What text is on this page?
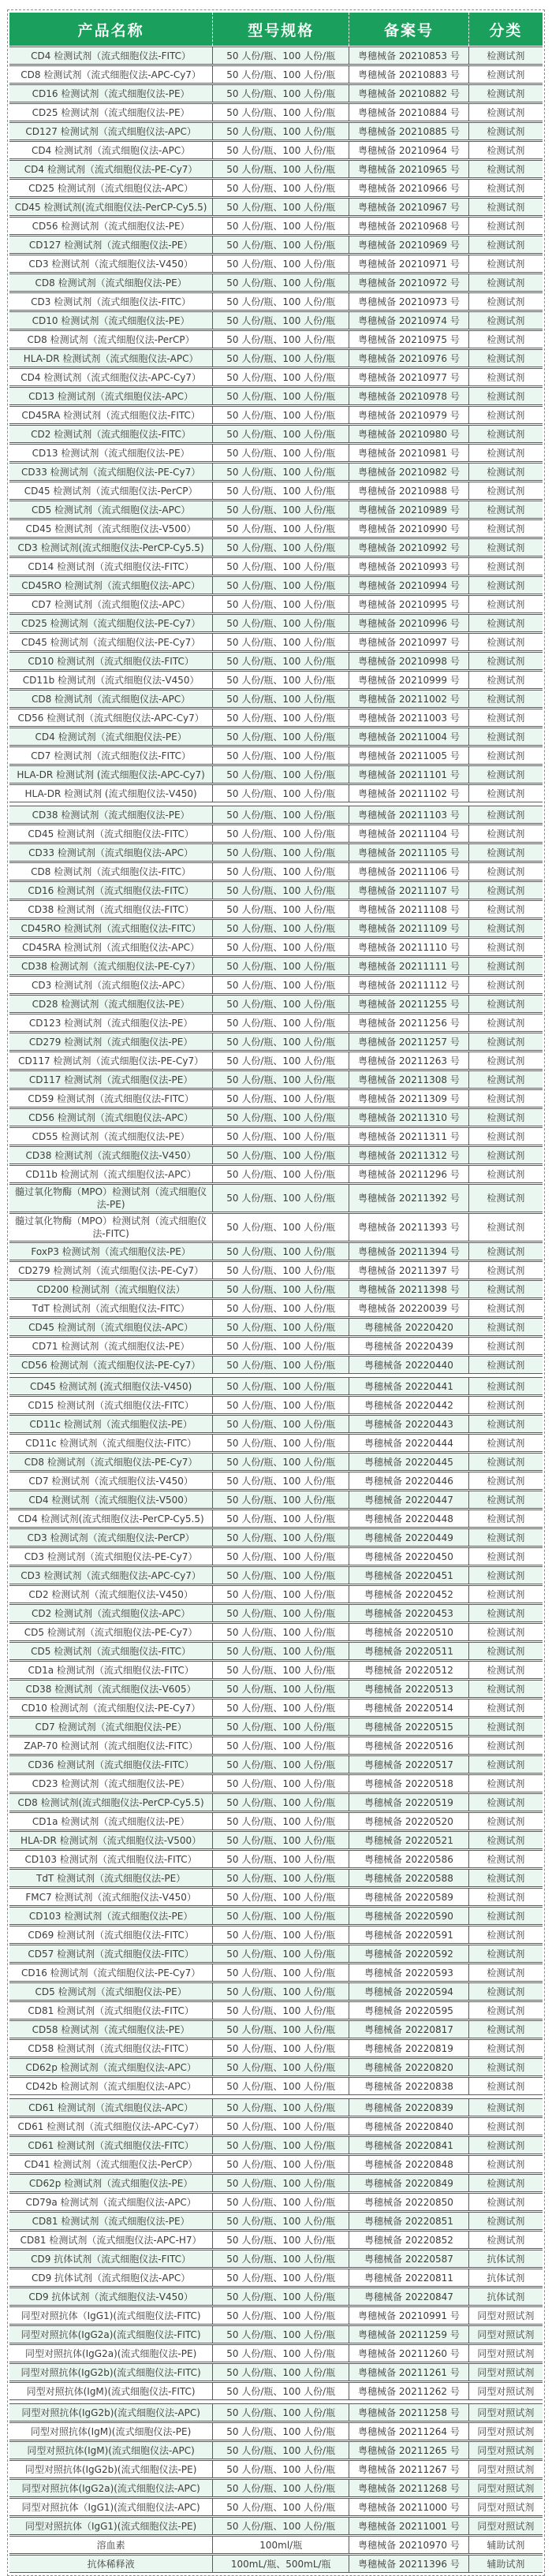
产品名称	型号规格	备案号	分类
CD4 检测试剂（流式细胞仪法-FITC）	50 人份/瓶、100 人份/瓶	粤穗械备 20210853 号	检测试剂
CD8 检测试剂（流式细胞仪法-APC-Cy7）	50 人份/瓶、100 人份/瓶	粤穗械备 20210883 号	检测试剂
CD16 检测试剂（流式细胞仪法-PE）	50 人份/瓶、100 人份/瓶	粤穗械备 20210882 号	检测试剂
CD25 检测试剂（流式细胞仪法-PE）	50 人份/瓶、100 人份/瓶	粤穗械备 20210884 号	检测试剂
CD127 检测试剂（流式细胞仪法-APC）	50 人份/瓶、100 人份/瓶	粤穗械备 20210885 号	检测试剂
CD4 检测试剂（流式细胞仪法-APC）	50 人份/瓶、100 人份/瓶	粤穗械备 20210964 号	检测试剂
CD4 检测试剂（流式细胞仪法-PE-Cy7）	50 人份/瓶、100 人份/瓶	粤穗械备 20210965 号	检测试剂
CD25 检测试剂（流式细胞仪法-APC）	50 人份/瓶、100 人份/瓶	粤穗械备 20210966 号	检测试剂
CD45 检测试剂(流式细胞仪法-PerCP-Cy5.5)	50 人份/瓶、100 人份/瓶	粤穗械备 20210967 号	检测试剂
CD56 检测试剂（流式细胞仪法-PE）	50 人份/瓶、100 人份/瓶	粤穗械备 20210968 号	检测试剂
CD127 检测试剂（流式细胞仪法-PE）	50 人份/瓶、100 人份/瓶	粤穗械备 20210969 号	检测试剂
CD3 检测试剂（流式细胞仪法-V450）	50 人份/瓶、100 人份/瓶	粤穗械备 20210971 号	检测试剂
CD8 检测试剂（流式细胞仪法-PE）	50 人份/瓶、100 人份/瓶	粤穗械备 20210972 号	检测试剂
CD3 检测试剂（流式细胞仪法-FITC）	50 人份/瓶、100 人份/瓶	粤穗械备 20210973 号	检测试剂
CD10 检测试剂（流式细胞仪法-PE）	50 人份/瓶、100 人份/瓶	粤穗械备 20210974 号	检测试剂
CD8 检测试剂（流式细胞仪法-PerCP）	50 人份/瓶、100 人份/瓶	粤穗械备 20210975 号	检测试剂
HLA-DR 检测试剂（流式细胞仪法-APC）	50 人份/瓶、100 人份/瓶	粤穗械备 20210976 号	检测试剂
CD4 检测试剂（流式细胞仪法-APC-Cy7）	50 人份/瓶、100 人份/瓶	粤穗械备 20210977 号	检测试剂
CD13 检测试剂（流式细胞仪法-APC）	50 人份/瓶、100 人份/瓶	粤穗械备 20210978 号	检测试剂
CD45RA 检测试剂（流式细胞仪法-FITC）	50 人份/瓶、100 人份/瓶	粤穗械备 20210979 号	检测试剂
CD2 检测试剂（流式细胞仪法-FITC）	50 人份/瓶、100 人份/瓶	粤穗械备 20210980 号	检测试剂
CD13 检测试剂（流式细胞仪法-PE）	50 人份/瓶、100 人份/瓶	粤穗械备 20210981 号	检测试剂
CD33 检测试剂（流式细胞仪法-PE-Cy7）	50 人份/瓶、100 人份/瓶	粤穗械备 20210982 号	检测试剂
CD45 检测试剂（流式细胞仪法-PerCP）	50 人份/瓶、100 人份/瓶	粤穗械备 20210988 号	检测试剂
CD5 检测试剂（流式细胞仪法-APC）	50 人份/瓶、100 人份/瓶	粤穗械备 20210989 号	检测试剂
CD45 检测试剂（流式细胞仪法-V500）	50 人份/瓶、100 人份/瓶	粤穗械备 20210990 号	检测试剂
CD3 检测试剂(流式细胞仪法-PerCP-Cy5.5)	50 人份/瓶、100 人份/瓶	粤穗械备 20210992 号	检测试剂
CD14 检测试剂（流式细胞仪法-FITC）	50 人份/瓶、100 人份/瓶	粤穗械备 20210993 号	检测试剂
CD45RO 检测试剂（流式细胞仪法-APC）	50 人份/瓶、100 人份/瓶	粤穗械备 20210994 号	检测试剂
CD7 检测试剂（流式细胞仪法-APC）	50 人份/瓶、100 人份/瓶	粤穗械备 20210995 号	检测试剂
CD25 检测试剂（流式细胞仪法-PE-Cy7）	50 人份/瓶、100 人份/瓶	粤穗械备 20210996 号	检测试剂
CD45 检测试剂（流式细胞仪法-PE-Cy7）	50 人份/瓶、100 人份/瓶	粤穗械备 20210997 号	检测试剂
CD10 检测试剂（流式细胞仪法-FITC）	50 人份/瓶、100 人份/瓶	粤穗械备 20210998 号	检测试剂
CD11b 检测试剂（流式细胞仪法-V450）	50 人份/瓶、100 人份/瓶	粤穗械备 20210999 号	检测试剂
CD8 检测试剂（流式细胞仪法-APC）	50 人份/瓶、100 人份/瓶	粤穗械备 20211002 号	检测试剂
CD56 检测试剂（流式细胞仪法-APC-Cy7）	50 人份/瓶、100 人份/瓶	粤穗械备 20211003 号	检测试剂
CD4 检测试剂（流式细胞仪法-PE）	50 人份/瓶、100 人份/瓶	粤穗械备 20211004 号	检测试剂
CD7 检测试剂（流式细胞仪法-FITC）	50 人份/瓶、100 人份/瓶	粤穗械备 20211005 号	检测试剂
HLA-DR 检测试剂 (流式细胞仪法-APC-Cy7)	50 人份/瓶、100 人份/瓶	粤穗械备 20211101 号	检测试剂
HLA-DR 检测试剂 (流式细胞仪法-V450)	50 人份/瓶、100 人份/瓶	粤穗械备 20211102 号	检测试剂
CD38 检测试剂（流式细胞仪法-PE）	50 人份/瓶、100 人份/瓶	粤穗械备 20211103 号	检测试剂
CD45 检测试剂（流式细胞仪法-FITC）	50 人份/瓶、100 人份/瓶	粤穗械备 20211104 号	检测试剂
CD33 检测试剂（流式细胞仪法-APC）	50 人份/瓶、100 人份/瓶	粤穗械备 20211105 号	检测试剂
CD8 检测试剂（流式细胞仪法-FITC）	50 人份/瓶、100 人份/瓶	粤穗械备 20211106 号	检测试剂
CD16 检测试剂（流式细胞仪法-FITC）	50 人份/瓶、100 人份/瓶	粤穗械备 20211107 号	检测试剂
CD38 检测试剂（流式细胞仪法-FITC）	50 人份/瓶、100 人份/瓶	粤穗械备 20211108 号	检测试剂
CD45RO 检测试剂（流式细胞仪法-FITC）	50 人份/瓶、100 人份/瓶	粤穗械备 20211109 号	检测试剂
CD45RA 检测试剂（流式细胞仪法-APC）	50 人份/瓶、100 人份/瓶	粤穗械备 20211110 号	检测试剂
CD38 检测试剂（流式细胞仪法-PE-Cy7）	50 人份/瓶、100 人份/瓶	粤穗械备 20211111 号	检测试剂
CD3 检测试剂（流式细胞仪法-APC）	50 人份/瓶、100 人份/瓶	粤穗械备 20211112 号	检测试剂
CD28 检测试剂（流式细胞仪法-PE）	50 人份/瓶、100 人份/瓶	粤穗械备 20211255 号	检测试剂
CD123 检测试剂（流式细胞仪法-PE）	50 人份/瓶、100 人份/瓶	粤穗械备 20211256 号	检测试剂
CD279 检测试剂（流式细胞仪法-PE）	50 人份/瓶、100 人份/瓶	粤穗械备 20211257 号	检测试剂
CD117 检测试剂（流式细胞仪法-PE-Cy7）	50 人份/瓶、100 人份/瓶	粤穗械备 20211263 号	检测试剂
CD117 检测试剂（流式细胞仪法-PE）	50 人份/瓶、100 人份/瓶	粤穗械备 20211308 号	检测试剂
CD59 检测试剂（流式细胞仪法-FITC）	50 人份/瓶、100 人份/瓶	粤穗械备 20211309 号	检测试剂
CD56 检测试剂（流式细胞仪法-APC）	50 人份/瓶、100 人份/瓶	粤穗械备 20211310 号	检测试剂
CD55 检测试剂（流式细胞仪法-PE）	50 人份/瓶、100 人份/瓶	粤穗械备 20211311 号	检测试剂
CD38 检测试剂（流式细胞仪法-V450）	50 人份/瓶、100 人份/瓶	粤穗械备 20211312 号	检测试剂
CD11b 检测试剂（流式细胞仪法-APC）	50 人份/瓶、100 人份/瓶	粤穗械备 20211296 号	检测试剂
髓过氧化物酶（MPO）检测试剂（流式细胞仪法-PE)	50 人份/瓶、100 人份/瓶	粤穗械备 20211392 号	检测试剂
髓过氧化物酶（MPO）检测试剂（流式细胞仪法-FITC)	50 人份/瓶、100 人份/瓶	粤穗械备 20211393 号	检测试剂
FoxP3 检测试剂（流式细胞仪法-PE）	50 人份/瓶、100 人份/瓶	粤穗械备 20211394 号	检测试剂
CD279 检测试剂（流式细胞仪法-PE-Cy7）	50 人份/瓶、100 人份/瓶	粤穗械备 20211397 号	检测试剂
CD200 检测试剂（流式细胞仪法）	50 人份/瓶、100 人份/瓶	粤穗械备 20211398 号	检测试剂
TdT 检测试剂（流式细胞仪法-FITC）	50 人份/瓶、100 人份/瓶	粤穗械备 20220039 号	检测试剂
CD45 检测试剂（流式细胞仪法-APC）	50 人份/瓶、100 人份/瓶	粤穗械备 20220420	检测试剂
CD71 检测试剂（流式细胞仪法-PE）	50 人份/瓶、100 人份/瓶	粤穗械备 20220439	检测试剂
CD56 检测试剂（流式细胞仪法-PE-Cy7）	50 人份/瓶、100 人份/瓶	粤穗械备 20220440	检测试剂
CD45 检测试剂 (流式细胞仪法-V450)	50 人份/瓶、100 人份/瓶	粤穗械备 20220441	检测试剂
CD15 检测试剂（流式细胞仪法-FITC）	50 人份/瓶、100 人份/瓶	粤穗械备 20220442	检测试剂
CD11c 检测试剂（流式细胞仪法-PE）	50 人份/瓶、100 人份/瓶	粤穗械备 20220443	检测试剂
CD11c 检测试剂（流式细胞仪法-FITC）	50 人份/瓶、100 人份/瓶	粤穗械备 20220444	检测试剂
CD8 检测试剂（流式细胞仪法-PE-Cy7）	50 人份/瓶、100 人份/瓶	粤穗械备 20220445	检测试剂
CD7 检测试剂（流式细胞仪法-V450）	50 人份/瓶、100 人份/瓶	粤穗械备 20220446	检测试剂
CD4 检测试剂（流式细胞仪法-V500）	50 人份/瓶、100 人份/瓶	粤穗械备 20220447	检测试剂
CD4 检测试剂(流式细胞仪法-PerCP-Cy5.5)	50 人份/瓶、100 人份/瓶	粤穗械备 20220448	检测试剂
CD3 检测试剂（流式细胞仪法-PerCP）	50 人份/瓶、100 人份/瓶	粤穗械备 20220449	检测试剂
CD3 检测试剂（流式细胞仪法-PE-Cy7）	50 人份/瓶、100 人份/瓶	粤穗械备 20220450	检测试剂
CD3 检测试剂（流式细胞仪法-APC-Cy7）	50 人份/瓶、100 人份/瓶	粤穗械备 20220451	检测试剂
CD2 检测试剂（流式细胞仪法-V450）	50 人份/瓶、100 人份/瓶	粤穗械备 20220452	检测试剂
CD2 检测试剂（流式细胞仪法-APC）	50 人份/瓶、100 人份/瓶	粤穗械备 20220453	检测试剂
CD5 检测试剂（流式细胞仪法-PE-Cy7）	50 人份/瓶、100 人份/瓶	粤穗械备 20220510	检测试剂
CD5 检测试剂（流式细胞仪法-FITC）	50 人份/瓶、100 人份/瓶	粤穗械备 20220511	检测试剂
CD1a 检测试剂（流式细胞仪法-FITC）	50 人份/瓶、100 人份/瓶	粤穗械备 20220512	检测试剂
CD38 检测试剂（流式细胞仪法-V605）	50 人份/瓶、100 人份/瓶	粤穗械备 20220513	检测试剂
CD10 检测试剂（流式细胞仪法-PE-Cy7）	50 人份/瓶、100 人份/瓶	粤穗械备 20220514	检测试剂
CD7 检测试剂（流式细胞仪法-PE）	50 人份/瓶、100 人份/瓶	粤穗械备 20220515	检测试剂
ZAP-70 检测试剂（流式细胞仪法-FITC）	50 人份/瓶、100 人份/瓶	粤穗械备 20220516	检测试剂
CD36 检测试剂（流式细胞仪法-FITC）	50 人份/瓶、100 人份/瓶	粤穗械备 20220517	检测试剂
CD23 检测试剂（流式细胞仪法-PE）	50 人份/瓶、100 人份/瓶	粤穗械备 20220518	检测试剂
CD8 检测试剂(流式细胞仪法-PerCP-Cy5.5)	50 人份/瓶、100 人份/瓶	粤穗械备 20220519	检测试剂
CD1a 检测试剂（流式细胞仪法-PE）	50 人份/瓶、100 人份/瓶	粤穗械备 20220520	检测试剂
HLA-DR 检测试剂（流式细胞仪法-V500）	50 人份/瓶、100 人份/瓶	粤穗械备 20220521	检测试剂
CD103 检测试剂（流式细胞仪法-FITC）	50 人份/瓶、100 人份/瓶	粤穗械备 20220586	检测试剂
TdT 检测试剂（流式细胞仪法-PE）	50 人份/瓶、100 人份/瓶	粤穗械备 20220588	检测试剂
FMC7 检测试剂（流式细胞仪法-V450）	50 人份/瓶、100 人份/瓶	粤穗械备 20220589	检测试剂
CD103 检测试剂（流式细胞仪法-PE）	50 人份/瓶、100 人份/瓶	粤穗械备 20220590	检测试剂
CD69 检测试剂（流式细胞仪法-FITC）	50 人份/瓶、100 人份/瓶	粤穗械备 20220591	检测试剂
CD57 检测试剂（流式细胞仪法-FITC）	50 人份/瓶、100 人份/瓶	粤穗械备 20220592	检测试剂
CD16 检测试剂（流式细胞仪法-PE-Cy7）	50 人份/瓶、100 人份/瓶	粤穗械备 20220593	检测试剂
CD5 检测试剂（流式细胞仪法-PE）	50 人份/瓶、100 人份/瓶	粤穗械备 20220594	检测试剂
CD81 检测试剂（流式细胞仪法-FITC）	50 人份/瓶、100 人份/瓶	粤穗械备 20220595	检测试剂
CD58 检测试剂（流式细胞仪法-PE）	50 人份/瓶、100 人份/瓶	粤穗械备 20220817	检测试剂
CD58 检测试剂（流式细胞仪法-FITC）	50 人份/瓶、100 人份/瓶	粤穗械备 20220819	检测试剂
CD62p 检测试剂（流式细胞仪法-APC）	50 人份/瓶、100 人份/瓶	粤穗械备 20220820	检测试剂
CD42b 检测试剂（流式细胞仪法-APC）	50 人份/瓶、100 人份/瓶	粤穗械备 20220838	检测试剂
CD61 检测试剂（流式细胞仪法-APC）	50 人份/瓶、100 人份/瓶	粤穗械备 20220839	检测试剂
CD61 检测试剂（流式细胞仪法-APC-Cy7）	50 人份/瓶、100 人份/瓶	粤穗械备 20220840	检测试剂
CD61 检测试剂（流式细胞仪法-FITC）	50 人份/瓶、100 人份/瓶	粤穗械备 20220841	检测试剂
CD41 检测试剂（流式细胞仪法-PerCP）	50 人份/瓶、100 人份/瓶	粤穗械备 20220848	检测试剂
CD62p 检测试剂（流式细胞仪法-PE）	50 人份/瓶、100 人份/瓶	粤穗械备 20220849	检测试剂
CD79a 检测试剂（流式细胞仪法-APC）	50 人份/瓶、100 人份/瓶	粤穗械备 20220850	检测试剂
CD81 检测试剂（流式细胞仪法-PE）	50 人份/瓶、100 人份/瓶	粤穗械备 20220851	检测试剂
CD81 检测试剂（流式细胞仪法-APC-H7）	50 人份/瓶、100 人份/瓶	粤穗械备 20220852	检测试剂
CD9 抗体试剂（流式细胞仪法-FITC）	50 人份/瓶、100 人份/瓶	粤穗械备 20220587	抗体试剂
CD9 抗体试剂（流式细胞仪法-APC）	50 人份/瓶、100 人份/瓶	粤穗械备 20220811	抗体试剂
CD9 抗体试剂（流式细胞仪法-V450）	50 人份/瓶、100 人份/瓶	粤穗械备 20220847	抗体试剂
同型对照抗体（IgG1)(流式细胞仪法-FITC)	50 人份/瓶、100 人份/瓶	粤穗械备 20210991 号	同型对照试剂
同型对照抗体(IgG2a)(流式细胞仪法-FITC)	50 人份/瓶、100 人份/瓶	粤穗械备 20211259 号	同型对照试剂
同型对照抗体(IgG2a)(流式细胞仪法-PE)	50 人份/瓶、100 人份/瓶	粤穗械备 20211260 号	同型对照试剂
同型对照抗体(IgG2b)(流式细胞仪法-FITC)	50 人份/瓶、100 人份/瓶	粤穗械备 20211261 号	同型对照试剂
同型对照抗体(IgM)(流式细胞仪法-FITC)	50 人份/瓶、100 人份/瓶	粤穗械备 20211262 号	同型对照试剂
同型对照抗体(IgG2b)(流式细胞仪法-APC)	50 人份/瓶、100 人份/瓶	粤穗械备 20211258 号	同型对照试剂
同型对照抗体(IgM)(流式细胞仪法-PE)	50 人份/瓶、100 人份/瓶	粤穗械备 20211264 号	同型对照试剂
同型对照抗体(IgM)(流式细胞仪法-APC)	50 人份/瓶、100 人份/瓶	粤穗械备 20211265 号	同型对照试剂
同型对照抗体(IgG2b)(流式细胞仪法-PE)	50 人份/瓶、100 人份/瓶	粤穗械备 20211267 号	同型对照试剂
同型对照抗体(IgG2a)(流式细胞仪法-APC)	50 人份/瓶、100 人份/瓶	粤穗械备 20211268 号	同型对照试剂
同型对照抗体（IgG1)(流式细胞仪法-APC)	50 人份/瓶、100 人份/瓶	粤穗械备 20211000 号	同型对照试剂
同型对照抗体（IgG1)(流式细胞仪法-PE)	50 人份/瓶、100 人份/瓶	粤穗械备 20211001 号	同型对照试剂
溶血素	100ml/瓶	粤穗械备 20210970 号	辅助试剂
抗体稀释液	100mL/瓶、500mL/瓶	粤穗械备 20211396 号	辅助试剂
